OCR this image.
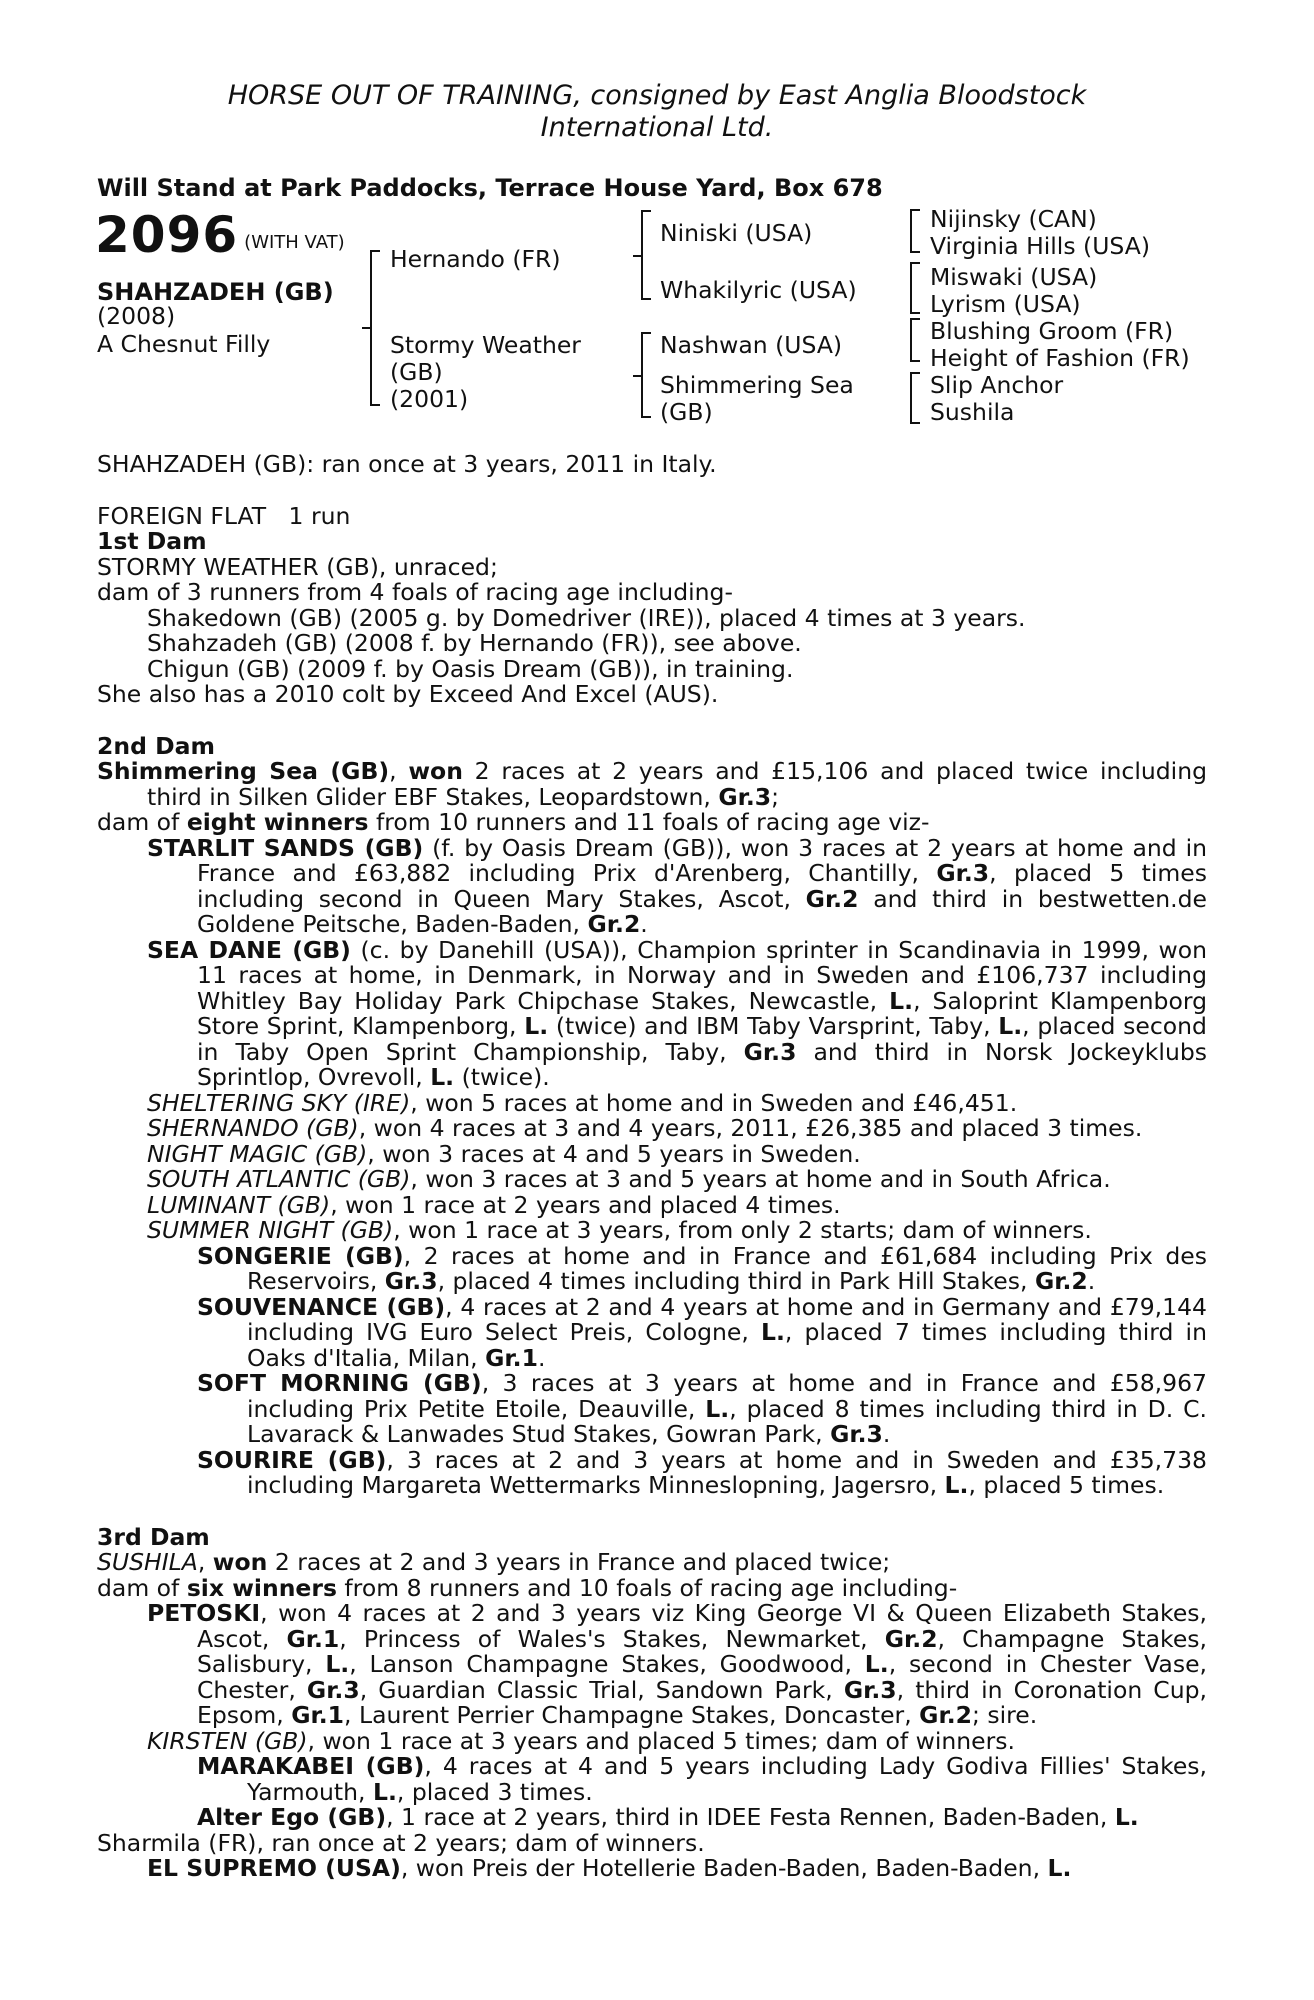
HORSE OUT OF TRAINING, consigned by East Anglia Bloodstock
International Ltd.
Will Stand at Park Paddocks, Terrace House Yard, Box 678
2096 (WITH VAT)
SHAHZADEH (GB)
(2008)
A Chesnut Filly
Hernando (FR)
Stormy Weather
(GB)
(2001)
Niniski (USA)
Whakilyric (USA)
Nashwan (USA)
Shimmering Sea
(GB)
Nijinsky (CAN)
Virginia Hills (USA)
Miswaki (USA)
Lyrism (USA)
Blushing Groom (FR)
Height of Fashion (FR)
Slip Anchor
Sushila

SHAHZADEH (GB): ran once at 3 years, 2011 in Italy.

FOREIGN FLAT   1 run

1st Dam

STORMY WEATHER (GB), unraced;

dam of 3 runners from 4 foals of racing age including-

Shakedown (GB) (2005 g. by Domedriver (IRE)), placed 4 times at 3 years.

Shahzadeh (GB) (2008 f. by Hernando (FR)), see above.

Chigun (GB) (2009 f. by Oasis Dream (GB)), in training.

She also has a 2010 colt by Exceed And Excel (AUS).

2nd Dam

Shimmering Sea (GB), won 2 races at 2 years and £15,106 and placed twice including third in Silken Glider EBF Stakes, Leopardstown, Gr.3;

dam of eight winners from 10 runners and 11 foals of racing age viz-

STARLIT SANDS (GB) (f. by Oasis Dream (GB)), won 3 races at 2 years at home and in France and £63,882 including Prix d'Arenberg, Chantilly, Gr.3, placed 5 times including second in Queen Mary Stakes, Ascot, Gr.2 and third in bestwetten.de Goldene Peitsche, Baden-Baden, Gr.2.

SEA DANE (GB) (c. by Danehill (USA)), Champion sprinter in Scandinavia in 1999, won 11 races at home, in Denmark, in Norway and in Sweden and £106,737 including Whitley Bay Holiday Park Chipchase Stakes, Newcastle, L., Saloprint Klampenborg Store Sprint, Klampenborg, L. (twice) and IBM Taby Varsprint, Taby, L., placed second in Taby Open Sprint Championship, Taby, Gr.3 and third in Norsk Jockeyklubs Sprintlop, Ovrevoll, L. (twice).

SHELTERING SKY (IRE), won 5 races at home and in Sweden and £46,451.

SHERNANDO (GB), won 4 races at 3 and 4 years, 2011, £26,385 and placed 3 times.

NIGHT MAGIC (GB), won 3 races at 4 and 5 years in Sweden.

SOUTH ATLANTIC (GB), won 3 races at 3 and 5 years at home and in South Africa.

LUMINANT (GB), won 1 race at 2 years and placed 4 times.

SUMMER NIGHT (GB), won 1 race at 3 years, from only 2 starts; dam of winners.

SONGERIE (GB), 2 races at home and in France and £61,684 including Prix des Reservoirs, Gr.3, placed 4 times including third in Park Hill Stakes, Gr.2.

SOUVENANCE (GB), 4 races at 2 and 4 years at home and in Germany and £79,144 including IVG Euro Select Preis, Cologne, L., placed 7 times including third in Oaks d'Italia, Milan, Gr.1.

SOFT MORNING (GB), 3 races at 3 years at home and in France and £58,967 including Prix Petite Etoile, Deauville, L., placed 8 times including third in D. C. Lavarack & Lanwades Stud Stakes, Gowran Park, Gr.3.

SOURIRE (GB), 3 races at 2 and 3 years at home and in Sweden and £35,738 including Margareta Wettermarks Minneslopning, Jagersro, L., placed 5 times.

3rd Dam

SUSHILA, won 2 races at 2 and 3 years in France and placed twice;

dam of six winners from 8 runners and 10 foals of racing age including-

PETOSKI, won 4 races at 2 and 3 years viz King George VI & Queen Elizabeth Stakes, Ascot, Gr.1, Princess of Wales's Stakes, Newmarket, Gr.2, Champagne Stakes, Salisbury, L., Lanson Champagne Stakes, Goodwood, L., second in Chester Vase, Chester, Gr.3, Guardian Classic Trial, Sandown Park, Gr.3, third in Coronation Cup, Epsom, Gr.1, Laurent Perrier Champagne Stakes, Doncaster, Gr.2; sire.

KIRSTEN (GB), won 1 race at 3 years and placed 5 times; dam of winners.

MARAKABEI (GB), 4 races at 4 and 5 years including Lady Godiva Fillies' Stakes, Yarmouth, L., placed 3 times.

Alter Ego (GB), 1 race at 2 years, third in IDEE Festa Rennen, Baden-Baden, L.

Sharmila (FR), ran once at 2 years; dam of winners.

EL SUPREMO (USA), won Preis der Hotellerie Baden-Baden, Baden-Baden, L.
